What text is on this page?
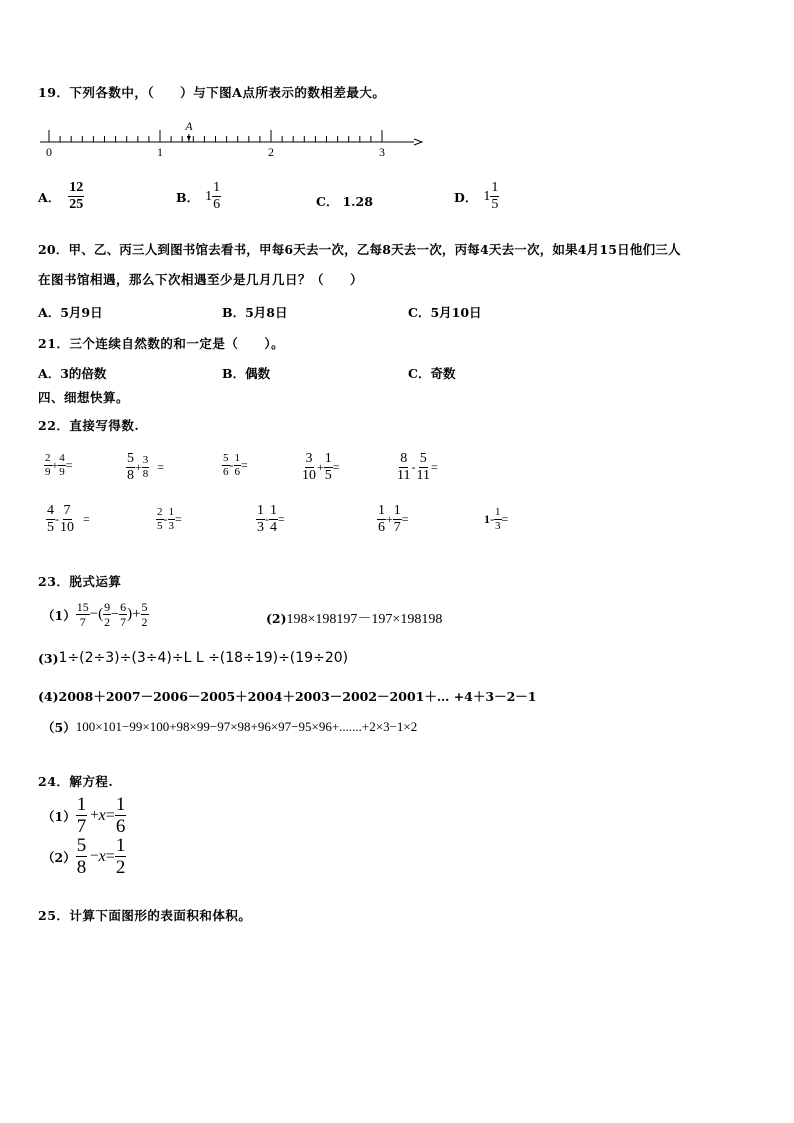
19．下列各数中，（　　）与下图A点所表示的数相差最大。
0	1	2	3
A
A． $\frac{12}{25}$	B． $1 \frac{1}{6}$	C． 1.28	D． $1 \frac{1}{5}$
20．甲、乙、丙三人到图书馆去看书，甲每6天去一次，乙每8天去一次，丙每4天去一次，如果4月15日他们三人
在图书馆相遇，那么下次相遇至少是几月几日？（　　）
A．5月9日	B．5月8日	C．5月10日
21．三个连续自然数的和一定是（　　）。
A．3的倍数	B．偶数	C．奇数
四、细想快算。
22．直接写得数.
$\frac{2}{9} + \frac{4}{9}$ =	$\frac{5}{8} + \frac{3}{8}$ =	$\frac{5}{6} - \frac{1}{6}$ =	$\frac{3}{10} + \frac{1}{5}$ =	$\frac{8}{11} - \frac{5}{11}$ =
$\frac{4}{5} - \frac{7}{10}$ =	$\frac{2}{5} - \frac{1}{3}$ =	$\frac{1}{3} - \frac{1}{4}$ =	$\frac{1}{6} + \frac{1}{7}$ =	$1 - \frac{1}{3}$ =
23．脱式运算
$(1) \frac{15}{7}$ −( $\frac{9}{2} - \frac{6}{7}$ )+ $\frac{5}{2}$	(2) 198×198197－197×198198
(3) 1÷(2÷3)÷(3÷4)÷L L ÷(18÷19)÷(19÷20)
(4)2008＋2007－2006－2005＋2004＋2003－2002－2001＋… +4＋3－2－1
（5） 100×101−99×100+98×99−97×98+96×97−95×96+.......+2×3−1×2
24．解方程.
$(1) \frac{1}{7} + x = \frac{1}{6}$
$(2) \frac{5}{8} - x = \frac{1}{2}$
25．计算下面图形的表面积和体积。
